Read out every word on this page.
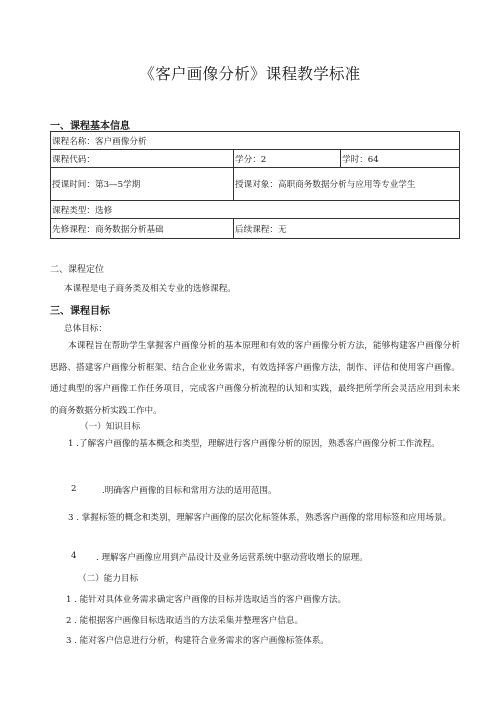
《客户画像分析》课程教学标准
一、课程基本信息
课程名称：客户画像分析
课程代码：	学分：2	学时：64
授课时间：第3—5学期	授课对象：高职商务数据分析与应用等专业学生
课程类型：选修
先修课程：商务数据分析基础	后续课程：无
二、课程定位
本课程是电子商务类及相关专业的选修课程。
三、课程目标
总体目标：
本课程旨在帮助学生掌握客户画像分析的基本原理和有效的客户画像分析方法，能够构建客户画像分析思路、搭建客户画像分析框架、结合企业业务需求，有效选择客户画像方法，制作、评估和使用客户画像。通过典型的客户画像工作任务项目，完成客户画像分析流程的认知和实践，最终把所学所会灵活应用到未来的商务数据分析实践工作中。
（一）知识目标
1 .了解客户画像的基本概念和类型，理解进行客户画像分析的原因，熟悉客户画像分析工作流程。
2	.明确客户画像的目标和常用方法的适用范围。
3 . 掌握标签的概念和类别，理解客户画像的层次化标签体系，熟悉客户画像的常用标签和应用场景。
4 . 理解客户画像应用到产品设计及业务运营系统中驱动营收增长的原理。
（二）能力目标
1 . 能针对具体业务需求确定客户画像的目标并选取适当的客户画像方法。
2 . 能根据客户画像目标选取适当的方法采集并整理客户信息。
3 . 能对客户信息进行分析，构建符合业务需求的客户画像标签体系。
